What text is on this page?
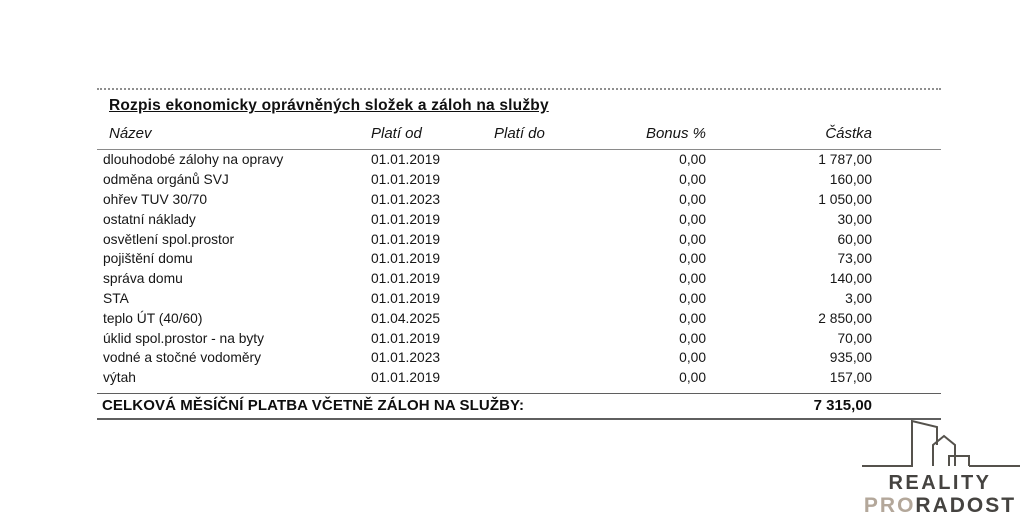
Rozpis ekonomicky oprávněných složek a záloh na služby
Název	Platí od	Platí do	Bonus %	Částka
dlouhodobé zálohy na opravy	01.01.2019		0,00	1 787,00
odměna orgánů SVJ	01.01.2019		0,00	160,00
ohřev TUV 30/70	01.01.2023		0,00	1 050,00
ostatní náklady	01.01.2019		0,00	30,00
osvětlení spol.prostor	01.01.2019		0,00	60,00
pojištění domu	01.01.2019		0,00	73,00
správa domu	01.01.2019		0,00	140,00
STA	01.01.2019		0,00	3,00
teplo ÚT (40/60)	01.04.2025		0,00	2 850,00
úklid spol.prostor - na byty	01.01.2019		0,00	70,00
vodné a stočné vodoměry	01.01.2023		0,00	935,00
výtah	01.01.2019		0,00	157,00
CELKOVÁ MĚSÍČNÍ PLATBA VČETNĚ ZÁLOH NA SLUŽBY:	7 315,00
REALITY
PRORADOST
